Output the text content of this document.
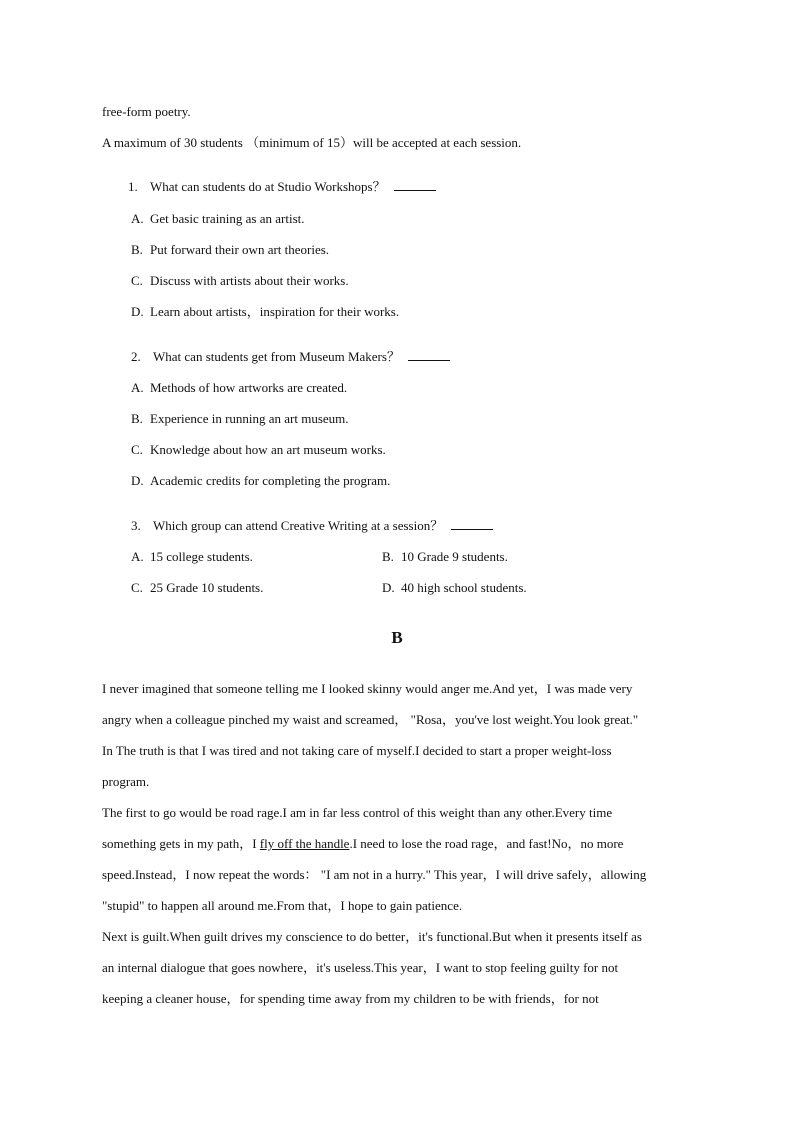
free-form poetry.
A maximum of 30 students （minimum of 15）will be accepted at each session.
1. What can students do at Studio Workshops？
A. Get basic training as an artist.
B. Put forward their own art theories.
C. Discuss with artists about their works.
D. Learn about artists，inspiration for their works.
2. What can students get from Museum Makers？
A. Methods of how artworks are created.
B. Experience in running an art museum.
C. Knowledge about how an art museum works.
D. Academic credits for completing the program.
3. Which group can attend Creative Writing at a session？
A. 15 college students.	B. 10 Grade 9 students.
C. 25 Grade 10 students.	D. 40 high school students.
B
I never imagined that someone telling me I looked skinny would anger me.And yet，I was made very
angry when a colleague pinched my waist and screamed， "Rosa，you've lost weight.You look great."
In The truth is that I was tired and not taking care of myself.I decided to start a proper weight-loss
program.
The first to go would be road rage.I am in far less control of this weight than any other.Every time
something gets in my path，I fly off the handle.I need to lose the road rage，and fast!No，no more
speed.Instead，I now repeat the words： "I am not in a hurry." This year，I will drive safely，allowing
"stupid" to happen all around me.From that，I hope to gain patience.
Next is guilt.When guilt drives my conscience to do better，it's functional.But when it presents itself as
an internal dialogue that goes nowhere，it's useless.This year，I want to stop feeling guilty for not
keeping a cleaner house，for spending time away from my children to be with friends，for not
